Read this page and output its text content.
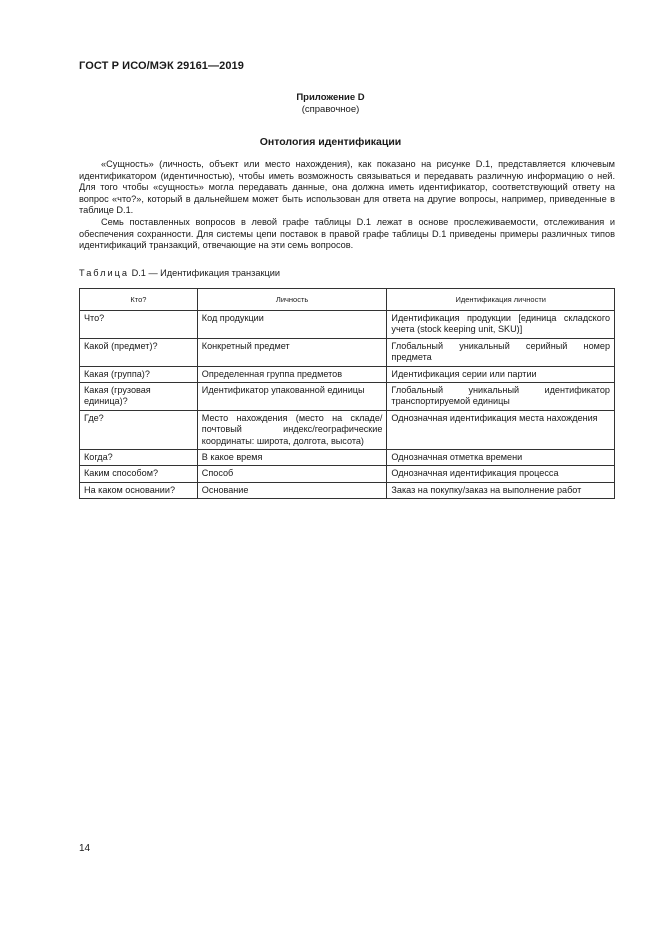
ГОСТ Р ИСО/МЭК 29161—2019
Приложение D
(справочное)
Онтология идентификации

«Сущность» (личность, объект или место нахождения), как показано на рисунке D.1, представляется ключевым идентификатором (идентичностью), чтобы иметь возможность связываться и передавать различную информацию о ней. Для того чтобы «сущность» могла передавать данные, она должна иметь идентификатор, соответствующий ответу на вопрос «что?», который в дальнейшем может быть использован для ответа на другие вопросы, например, приведенные в таблице D.1.

Семь поставленных вопросов в левой графе таблицы D.1 лежат в основе прослеживаемости, отслеживания и обеспечения сохранности. Для системы цепи поставок в правой графе таблицы D.1 приведены примеры различных типов идентификаций транзакций, отвечающие на эти семь вопросов.

Таблица D.1 — Идентификация транзакции
Кто?	Личность	Идентификация личности
Что?	Код продукции	Идентификация продукции [единица складского учета (stock keeping unit, SKU)]
Какой (предмет)?	Конкретный предмет	Глобальный уникальный серийный номер предмета
Какая (группа)?	Определенная группа предметов	Идентификация серии или партии
Какая (грузовая единица)?	Идентификатор упакованной единицы	Глобальный уникальный идентификатор транспортируемой единицы
Где?	Место нахождения (место на складе/почтовый индекс/географические координаты: широта, долгота, высота)	Однозначная идентификация места нахождения
Когда?	В какое время	Однозначная отметка времени
Каким способом?	Способ	Однозначная идентификация процесса
На каком основании?	Основание	Заказ на покупку/заказ на выполнение работ
14
